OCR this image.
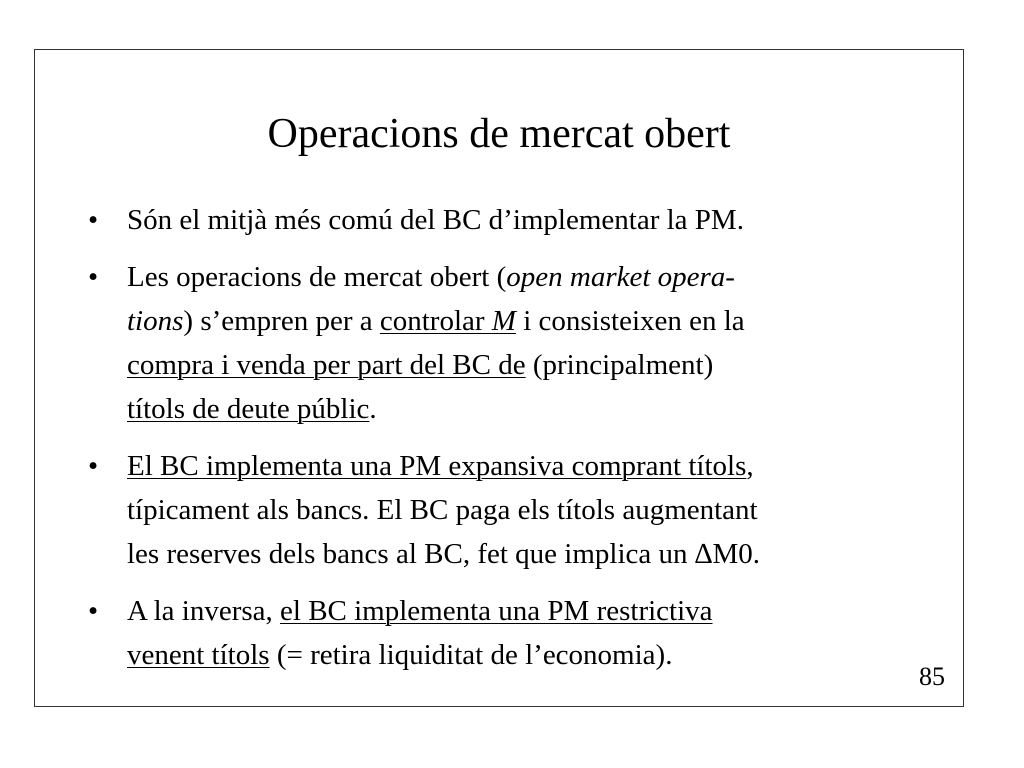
Operacions de mercat obert
• Són el mitjà més comú del BC d’implementar la PM.
• Les operacions de mercat obert (open market opera-
tions) s’empren per a controlar M i consisteixen en la
compra i venda per part del BC de (principalment)
títols de deute públic.
• El BC implementa una PM expansiva comprant títols,
típicament als bancs. El BC paga els títols augmentant
les reserves dels bancs al BC, fet que implica un ∆M0.
• A la inversa, el BC implementa una PM restrictiva
venent títols (= retira liquiditat de l’economia).
85
